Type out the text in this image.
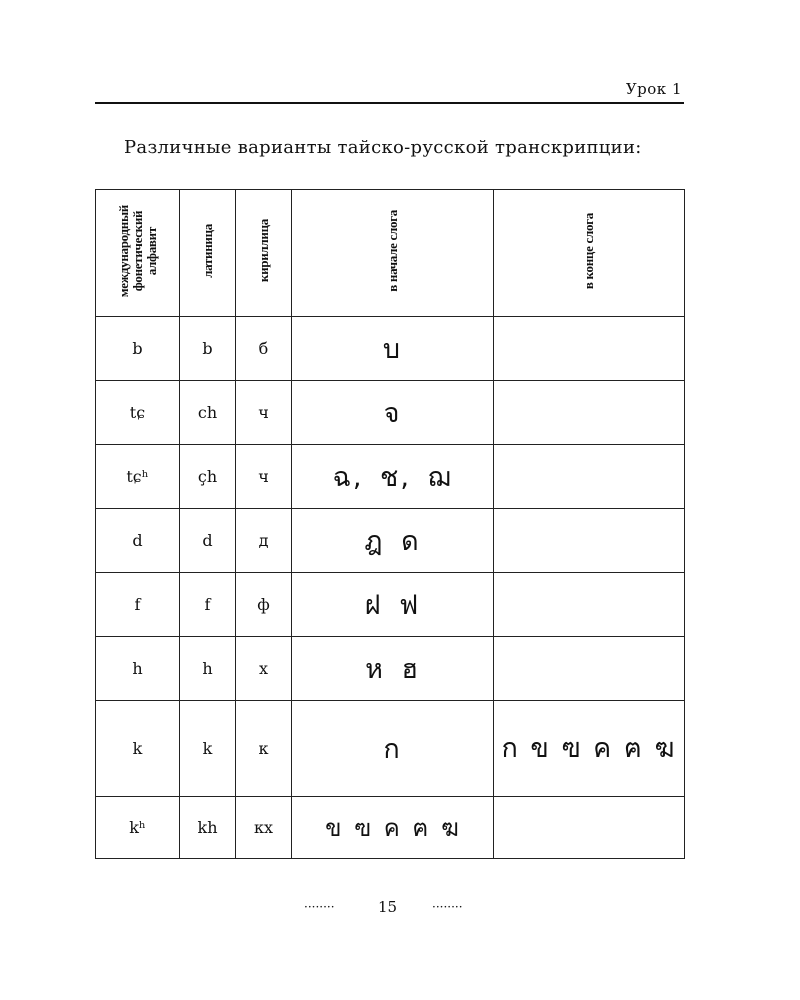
Урок 1
Различные варианты тайско-русской транскрипции:
международный
фонетический
алфавит	латиница	кириллица	в начале слога	в конце слога
b	b	б	บ	
tɕ	ch	ч	จ	
tɕʰ	çh	ч	ฉ, ช, ฌ	
d	d	д	ฎ ด	
f	f	ф	ฝ ฟ	
h	h	х	ห ฮ	
k	k	к	ก	ก ข ฃ ค ฅ ฆ
kʰ	kh	кх	ข ฃ ค ฅ ฆ	
········	15	········
